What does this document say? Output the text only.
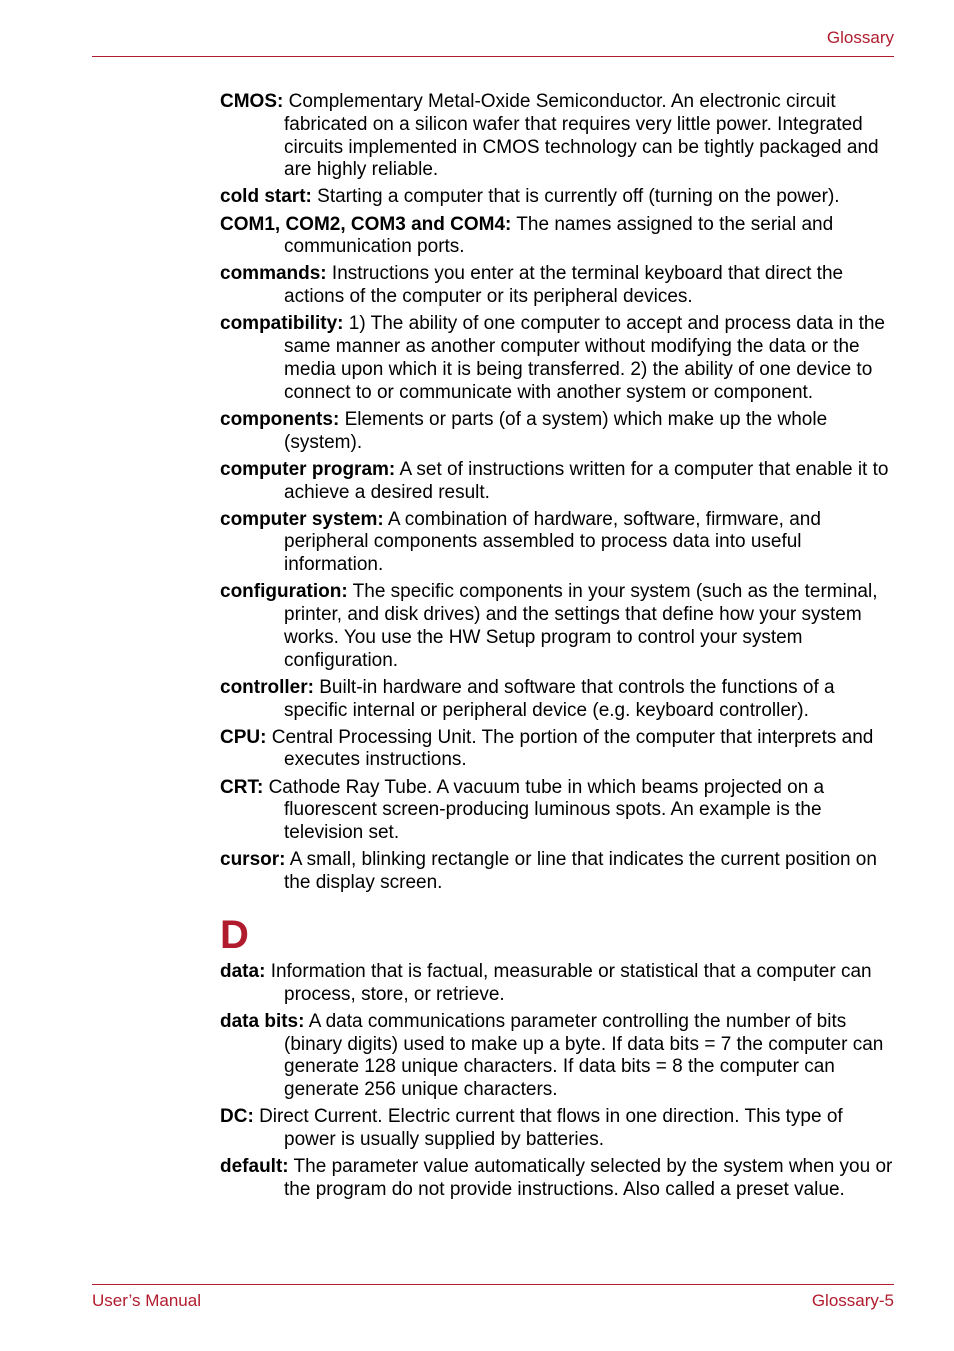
Glossary

CMOS: Complementary Metal-Oxide Semiconductor. An electronic circuit fabricated on a silicon wafer that requires very little power. Integrated circuits implemented in CMOS technology can be tightly packaged and are highly reliable.

cold start: Starting a computer that is currently off (turning on the power).

COM1, COM2, COM3 and COM4: The names assigned to the serial and communication ports.

commands: Instructions you enter at the terminal keyboard that direct the actions of the computer or its peripheral devices.

compatibility: 1) The ability of one computer to accept and process data in the same manner as another computer without modifying the data or the media upon which it is being transferred. 2) the ability of one device to connect to or communicate with another system or component.

components: Elements or parts (of a system) which make up the whole (system).

computer program: A set of instructions written for a computer that enable it to achieve a desired result.

computer system: A combination of hardware, software, firmware, and peripheral components assembled to process data into useful information.

configuration: The specific components in your system (such as the terminal, printer, and disk drives) and the settings that define how your system works. You use the HW Setup program to control your system configuration.

controller: Built-in hardware and software that controls the functions of a specific internal or peripheral device (e.g. keyboard controller).

CPU: Central Processing Unit. The portion of the computer that interprets and executes instructions.

CRT: Cathode Ray Tube. A vacuum tube in which beams projected on a fluorescent screen-producing luminous spots. An example is the television set.

cursor: A small, blinking rectangle or line that indicates the current position on the display screen.

D

data: Information that is factual, measurable or statistical that a computer can process, store, or retrieve.

data bits: A data communications parameter controlling the number of bits (binary digits) used to make up a byte. If data bits = 7 the computer can generate 128 unique characters. If data bits = 8 the computer can generate 256 unique characters.

DC: Direct Current. Electric current that flows in one direction. This type of power is usually supplied by batteries.

default: The parameter value automatically selected by the system when you or the program do not provide instructions. Also called a preset value.

User’s Manual	Glossary-5
